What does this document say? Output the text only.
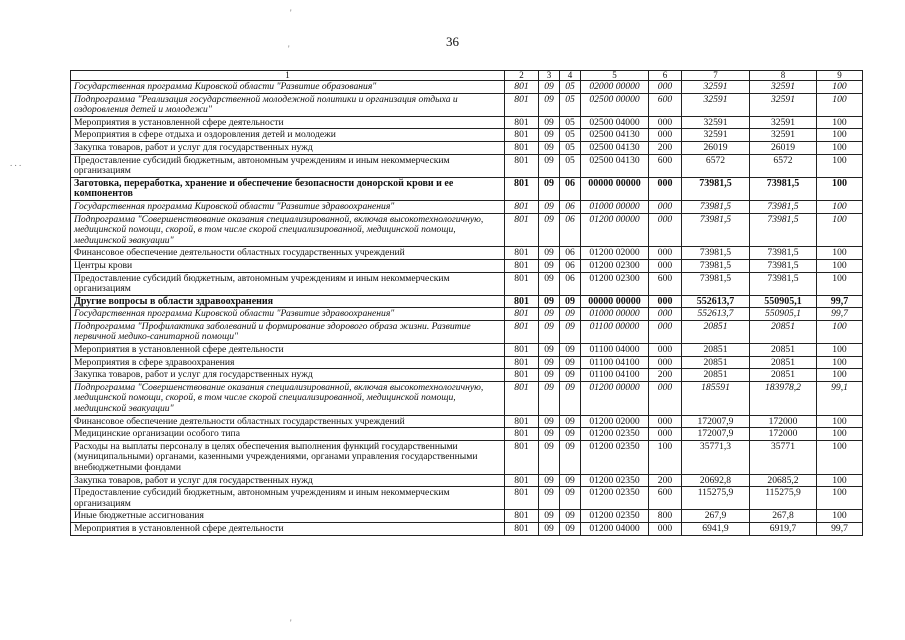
36
'
'
. . .
'
1	2	3	4	5	6	7	8	9
Государственная программа Кировской области "Развитие образования"	801	09	05	02000 00000	000	32591	32591	100
Подпрограмма "Реализация государственной молодежной политики и организация отдыха и оздоровления детей и молодежи"	801	09	05	02500 00000	600	32591	32591	100
Мероприятия в установленной сфере деятельности	801	09	05	02500 04000	000	32591	32591	100
Мероприятия в сфере отдыха и оздоровления детей и молодежи	801	09	05	02500 04130	000	32591	32591	100
Закупка товаров, работ и услуг для государственных нужд	801	09	05	02500 04130	200	26019	26019	100
Предоставление субсидий бюджетным, автономным учреждениям и иным некоммерческим организациям	801	09	05	02500 04130	600	6572	6572	100
Заготовка, переработка, хранение и обеспечение безопасности донорской крови и ее компонентов	801	09	06	00000 00000	000	73981,5	73981,5	100
Государственная программа Кировской области "Развитие здравоохранения"	801	09	06	01000 00000	000	73981,5	73981,5	100
Подпрограмма "Совершенствование оказания специализированной, включая высокотехнологичную, медицинской помощи, скорой, в том числе скорой специализированной, медицинской помощи, медицинской эвакуации"	801	09	06	01200 00000	000	73981,5	73981,5	100
Финансовое обеспечение деятельности областных государственных учреждений	801	09	06	01200 02000	000	73981,5	73981,5	100
Центры крови	801	09	06	01200 02300	000	73981,5	73981,5	100
Предоставление субсидий бюджетным, автономным учреждениям и иным некоммерческим организациям	801	09	06	01200 02300	600	73981,5	73981,5	100
Другие вопросы в области здравоохранения	801	09	09	00000 00000	000	552613,7	550905,1	99,7
Государственная программа Кировской области "Развитие здравоохранения"	801	09	09	01000 00000	000	552613,7	550905,1	99,7
Подпрограмма "Профилактика заболеваний и формирование здорового образа жизни. Развитие первичной медико-санитарной помощи"	801	09	09	01100 00000	000	20851	20851	100
Мероприятия в установленной сфере деятельности	801	09	09	01100 04000	000	20851	20851	100
Мероприятия в сфере здравоохранения	801	09	09	01100 04100	000	20851	20851	100
Закупка товаров, работ и услуг для государственных нужд	801	09	09	01100 04100	200	20851	20851	100
Подпрограмма "Совершенствование оказания специализированной, включая высокотехнологичную, медицинской помощи, скорой, в том числе скорой специализированной, медицинской помощи, медицинской эвакуации"	801	09	09	01200 00000	000	185591	183978,2	99,1
Финансовое обеспечение деятельности областных государственных учреждений	801	09	09	01200 02000	000	172007,9	172000	100
Медицинские организации особого типа	801	09	09	01200 02350	000	172007,9	172000	100
Расходы на выплаты персоналу в целях обеспечения выполнения функций государственными (муниципальными) органами, казенными учреждениями, органами управления государственными внебюджетными фондами	801	09	09	01200 02350	100	35771,3	35771	100
Закупка товаров, работ и услуг для государственных нужд	801	09	09	01200 02350	200	20692,8	20685,2	100
Предоставление субсидий бюджетным, автономным учреждениям и иным некоммерческим организациям	801	09	09	01200 02350	600	115275,9	115275,9	100
Иные бюджетные ассигнования	801	09	09	01200 02350	800	267,9	267,8	100
Мероприятия в установленной сфере деятельности	801	09	09	01200 04000	000	6941,9	6919,7	99,7
